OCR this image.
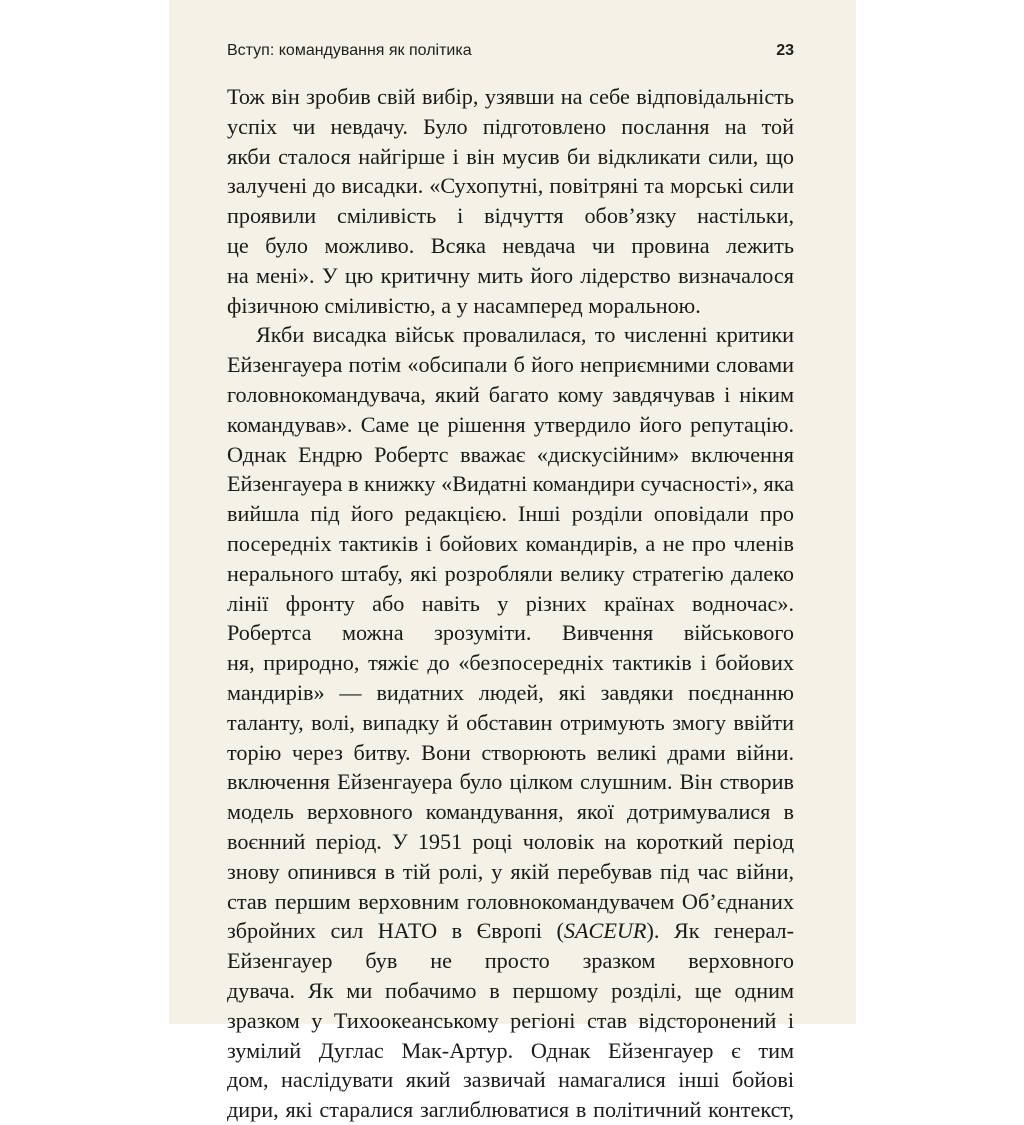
Вступ: командування як політика	23
Тож він зробив свій вибір, узявши на себе відповідальність
успіх чи невдачу. Було підготовлено послання на той
якби сталося найгірше і він мусив би відкликати сили, що
залучені до висадки. «Сухопутні, повітряні та морські сили
проявили сміливість і відчуття обов’язку настільки,
це було можливо. Всяка невдача чи провина лежить
на мені». У цю критичну мить його лідерство визначалося
фізичною сміливістю, а у насамперед моральною.
Якби висадка військ провалилася, то численні критики
Ейзенгауера потім «обсипали б його неприємними словами
головнокомандувача, який багато кому завдячував і ніким
командував». Саме це рішення утвердило його репутацію.
Однак Ендрю Робертс вважає «дискусійним» включення
Ейзенгауера в книжку «Видатні командири сучасності», яка
вийшла під його редакцією. Інші розділи оповідали про
посередніх тактиків і бойових командирів, а не про членів
нерального штабу, які розробляли велику стратегію далеко
лінії фронту або навіть у різних країнах водночас».
Робертса можна зрозуміти. Вивчення військового
ня, природно, тяжіє до «безпосередніх тактиків і бойових
мандирів» — видатних людей, які завдяки поєднанню
таланту, волі, випадку й обставин отримують змогу ввійти
торію через битву. Вони створюють великі драми війни.
включення Ейзенгауера було цілком слушним. Він створив
модель верховного командування, якої дотримувалися в
воєнний період. У 1951 році чоловік на короткий період
знову опинився в тій ролі, у якій перебував під час війни,
став першим верховним головнокомандувачем Об’єднаних
збройних сил НАТО в Європі (SACEUR). Як генерал-
Ейзенгауер був не просто зразком верховного
дувача. Як ми побачимо в першому розділі, ще одним
зразком у Тихоокеанському регіоні став відсторонений і
зумілий Дуглас Мак-Артур. Однак Ейзенгауер є тим
дом, наслідувати який зазвичай намагалися інші бойові
дири, які старалися заглиблюватися в політичний контекст,
